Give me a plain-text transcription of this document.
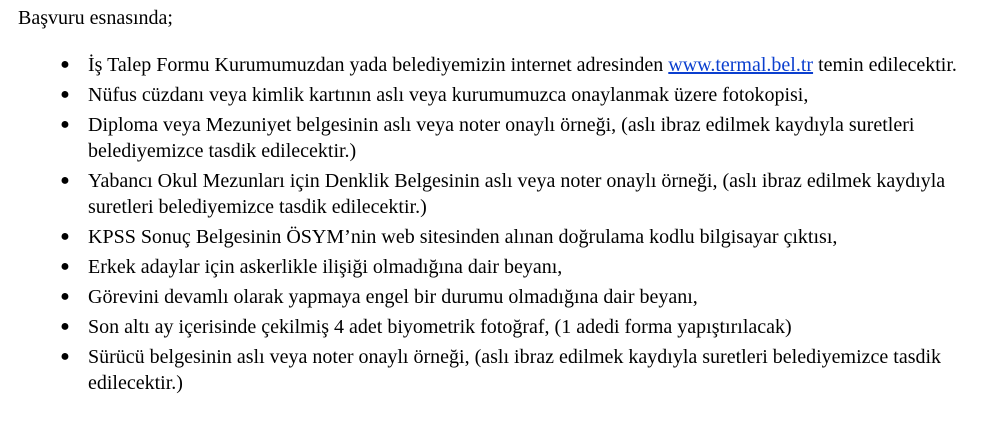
Başvuru esnasında;
● İş Talep Formu Kurumumuzdan yada belediyemizin internet adresinden www.termal.bel.tr temin edilecektir.
● Nüfus cüzdanı veya kimlik kartının aslı veya kurumumuzca onaylanmak üzere fotokopisi,
● Diploma veya Mezuniyet belgesinin aslı veya noter onaylı örneği, (aslı ibraz edilmek kaydıyla suretleri belediyemizce tasdik edilecektir.)
● Yabancı Okul Mezunları için Denklik Belgesinin aslı veya noter onaylı örneği, (aslı ibraz edilmek kaydıyla suretleri belediyemizce tasdik edilecektir.)
● KPSS Sonuç Belgesinin ÖSYM’nin web sitesinden alınan doğrulama kodlu bilgisayar çıktısı,
● Erkek adaylar için askerlikle ilişiği olmadığına dair beyanı,
● Görevini devamlı olarak yapmaya engel bir durumu olmadığına dair beyanı,
● Son altı ay içerisinde çekilmiş 4 adet biyometrik fotoğraf, (1 adedi forma yapıştırılacak)
● Sürücü belgesinin aslı veya noter onaylı örneği, (aslı ibraz edilmek kaydıyla suretleri belediyemizce tasdik edilecektir.)
